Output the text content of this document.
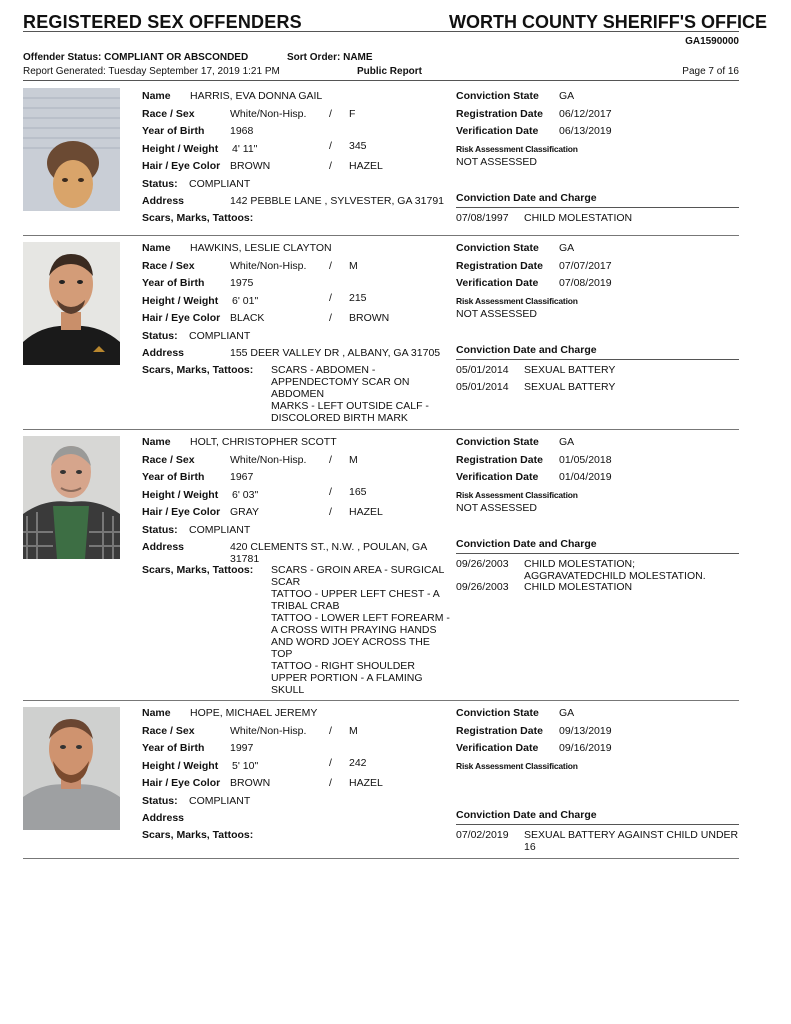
REGISTERED SEX OFFENDERS	WORTH COUNTY SHERIFF'S OFFICE
GA1590000
Offender Status: COMPLIANT OR ABSCONDED	Sort Order: NAME
Report Generated: Tuesday September 17, 2019 1:21 PM	Public Report	Page 7 of 16
Name HARRIS, EVA DONNA GAIL
Race / Sex	White/Non-Hisp. / F
Year of Birth 1968
Height / Weight 4' 11"	/ 345
Hair / Eye Color BROWN	/ HAZEL
Status: COMPLIANT
Address	142 PEBBLE LANE , SYLVESTER, GA 31791
Scars, Marks, Tattoos:
Conviction State GA
Registration Date 06/12/2017
Verification Date 06/13/2019
Risk Assessment Classification
NOT ASSESSED
Conviction Date and Charge
07/08/1997 CHILD MOLESTATION
Name HAWKINS, LESLIE CLAYTON
Race / Sex	White/Non-Hisp. / M
Year of Birth 1975
Height / Weight 6' 01"	/ 215
Hair / Eye Color BLACK	/ BROWN
Status: COMPLIANT
Address	155 DEER VALLEY DR , ALBANY, GA 31705
Scars, Marks, Tattoos: SCARS - ABDOMEN - APPENDECTOMY SCAR ON ABDOMEN
MARKS - LEFT OUTSIDE CALF - DISCOLORED BIRTH MARK
Conviction State GA
Registration Date 07/07/2017
Verification Date 07/08/2019
Risk Assessment Classification
NOT ASSESSED
Conviction Date and Charge
05/01/2014 SEXUAL BATTERY
05/01/2014 SEXUAL BATTERY
Name HOLT, CHRISTOPHER SCOTT
Race / Sex	White/Non-Hisp. / M
Year of Birth 1967
Height / Weight 6' 03"	/ 165
Hair / Eye Color GRAY	/ HAZEL
Status: COMPLIANT
Address	420 CLEMENTS ST., N.W. , POULAN, GA 31781
Scars, Marks, Tattoos: SCARS - GROIN AREA - SURGICAL SCAR
TATTOO - UPPER LEFT CHEST - A TRIBAL CRAB
TATTOO - LOWER LEFT FOREARM - A CROSS WITH PRAYING HANDS AND WORD JOEY ACROSS THE TOP
TATTOO - RIGHT SHOULDER UPPER PORTION - A FLAMING SKULL
Conviction State GA
Registration Date 01/05/2018
Verification Date 01/04/2019
Risk Assessment Classification
NOT ASSESSED
Conviction Date and Charge
09/26/2003 CHILD MOLESTATION; AGGRAVATEDCHILD MOLESTATION.
09/26/2003 CHILD MOLESTATION
Name HOPE, MICHAEL JEREMY
Race / Sex	White/Non-Hisp. / M
Year of Birth 1997
Height / Weight 5' 10"	/ 242
Hair / Eye Color BROWN	/ HAZEL
Status: COMPLIANT
Address
Scars, Marks, Tattoos:
Conviction State GA
Registration Date 09/13/2019
Verification Date 09/16/2019
Risk Assessment Classification
Conviction Date and Charge
07/02/2019 SEXUAL BATTERY AGAINST CHILD UNDER 16
